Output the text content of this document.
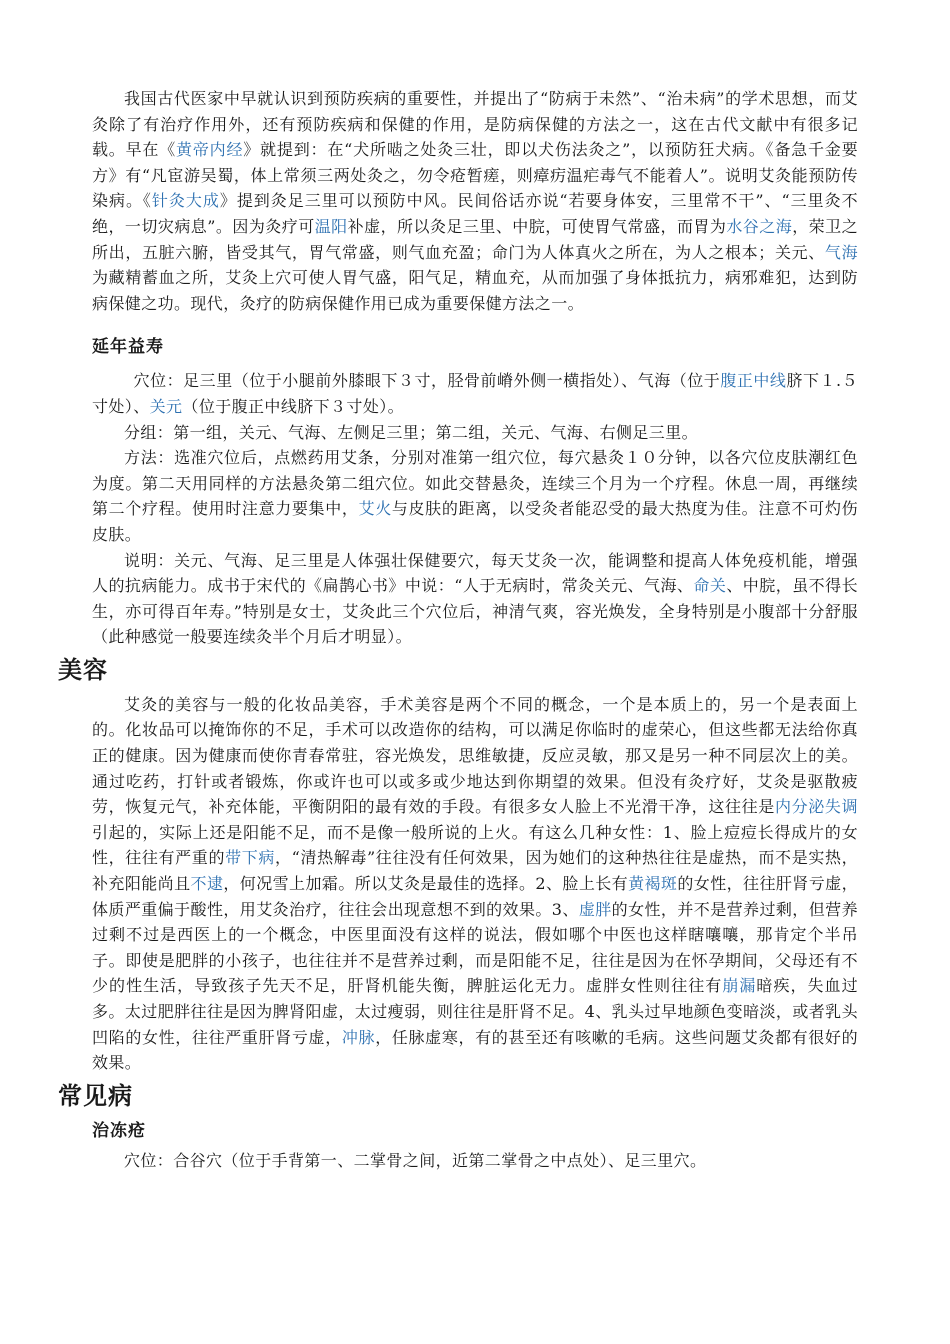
我国古代医家中早就认识到预防疾病的重要性，并提出了“防病于未然”、“治未病”的学术思想，而艾灸除了有治疗作用外，还有预防疾病和保健的作用，是防病保健的方法之一，这在古代文献中有很多记载。早在《黄帝内经》就提到：在“犬所啮之处灸三壮，即以犬伤法灸之”，以预防狂犬病。《备急千金要方》有“凡宦游吴蜀，体上常须三两处灸之，勿令疮暂瘥，则瘴疠温疟毒气不能着人”。说明艾灸能预防传染病。《针灸大成》提到灸足三里可以预防中风。民间俗话亦说“若要身体安，三里常不干”、“三里灸不绝，一切灾病息”。因为灸疗可温阳补虚，所以灸足三里、中脘，可使胃气常盛，而胃为水谷之海，荣卫之所出，五脏六腑，皆受其气，胃气常盛，则气血充盈；命门为人体真火之所在，为人之根本；关元、气海为藏精蓄血之所，艾灸上穴可使人胃气盛，阳气足，精血充，从而加强了身体抵抗力，病邪难犯，达到防病保健之功。现代，灸疗的防病保健作用已成为重要保健方法之一。

延年益寿

穴位：足三里（位于小腿前外膝眼下３寸，胫骨前嵴外侧一横指处）、气海（位于腹正中线脐下１.５寸处）、关元（位于腹正中线脐下３寸处）。

分组：第一组，关元、气海、左侧足三里；第二组，关元、气海、右侧足三里。

方法：选准穴位后，点燃药用艾条，分别对准第一组穴位，每穴悬灸１０分钟，以各穴位皮肤潮红色为度。第二天用同样的方法悬灸第二组穴位。如此交替悬灸，连续三个月为一个疗程。休息一周，再继续第二个疗程。使用时注意力要集中，艾火与皮肤的距离，以受灸者能忍受的最大热度为佳。注意不可灼伤皮肤。

说明：关元、气海、足三里是人体强壮保健要穴，每天艾灸一次，能调整和提高人体免疫机能，增强人的抗病能力。成书于宋代的《扁鹊心书》中说：“人于无病时，常灸关元、气海、命关、中脘，虽不得长生，亦可得百年寿。”特别是女士，艾灸此三个穴位后，神清气爽，容光焕发，全身特别是小腹部十分舒服（此种感觉一般要连续灸半个月后才明显）。

美容

艾灸的美容与一般的化妆品美容，手术美容是两个不同的概念，一个是本质上的，另一个是表面上的。化妆品可以掩饰你的不足，手术可以改造你的结构，可以满足你临时的虚荣心，但这些都无法给你真正的健康。因为健康而使你青春常驻，容光焕发，思维敏捷，反应灵敏，那又是另一种不同层次上的美。通过吃药，打针或者锻炼，你或许也可以或多或少地达到你期望的效果。但没有灸疗好，艾灸是驱散疲劳，恢复元气，补充体能，平衡阴阳的最有效的手段。有很多女人脸上不光滑干净，这往往是内分泌失调引起的，实际上还是阳能不足，而不是像一般所说的上火。有这么几种女性：1、脸上痘痘长得成片的女性，往往有严重的带下病，“清热解毒”往往没有任何效果，因为她们的这种热往往是虚热，而不是实热，补充阳能尚且不逮，何况雪上加霜。所以艾灸是最佳的选择。2、脸上长有黄褐斑的女性，往往肝肾亏虚，体质严重偏于酸性，用艾灸治疗，往往会出现意想不到的效果。3、虚胖的女性，并不是营养过剩，但营养过剩不过是西医上的一个概念，中医里面没有这样的说法，假如哪个中医也这样瞎嚷嚷，那肯定个半吊子。即使是肥胖的小孩子，也往往并不是营养过剩，而是阳能不足，往往是因为在怀孕期间，父母还有不少的性生活，导致孩子先天不足，肝肾机能失衡，脾脏运化无力。虚胖女性则往往有崩漏暗疾，失血过多。太过肥胖往往是因为脾肾阳虚，太过瘦弱，则往往是肝肾不足。4、乳头过早地颜色变暗淡，或者乳头凹陷的女性，往往严重肝肾亏虚，冲脉，任脉虚寒，有的甚至还有咳嗽的毛病。这些问题艾灸都有很好的效果。

常见病
治冻疮

穴位：合谷穴（位于手背第一、二掌骨之间，近第二掌骨之中点处）、足三里穴。
